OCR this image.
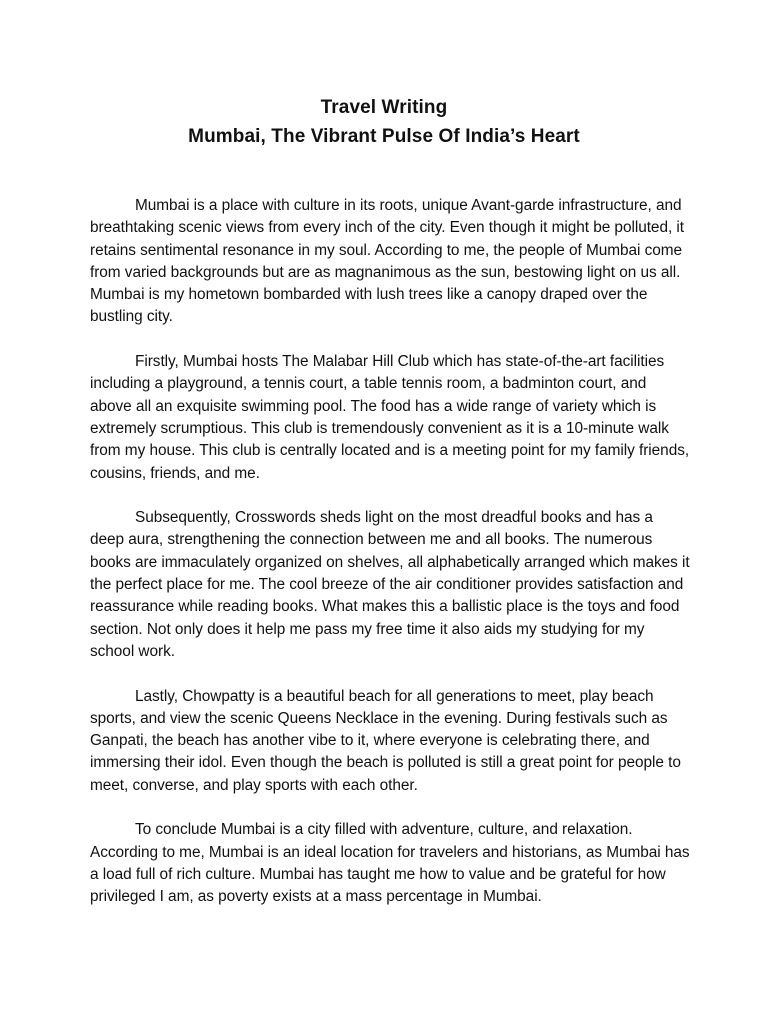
Travel Writing

Mumbai, The Vibrant Pulse Of India’s Heart

Mumbai is a place with culture in its roots, unique Avant-garde infrastructure, and breathtaking scenic views from every inch of the city. Even though it might be polluted, it retains sentimental resonance in my soul. According to me, the people of Mumbai come from varied backgrounds but are as magnanimous as the sun, bestowing light on us all. Mumbai is my hometown bombarded with lush trees like a canopy draped over the bustling city.

Firstly, Mumbai hosts The Malabar Hill Club which has state-of-the-art facilities including a playground, a tennis court, a table tennis room, a badminton court, and above all an exquisite swimming pool. The food has a wide range of variety which is extremely scrumptious. This club is tremendously convenient as it is a 10-minute walk from my house. This club is centrally located and is a meeting point for my family friends, cousins, friends, and me.

Subsequently, Crosswords sheds light on the most dreadful books and has a deep aura, strengthening the connection between me and all books. The numerous books are immaculately organized on shelves, all alphabetically arranged which makes it the perfect place for me. The cool breeze of the air conditioner provides satisfaction and reassurance while reading books. What makes this a ballistic place is the toys and food section. Not only does it help me pass my free time it also aids my studying for my school work.

Lastly, Chowpatty is a beautiful beach for all generations to meet, play beach sports, and view the scenic Queens Necklace in the evening. During festivals such as Ganpati, the beach has another vibe to it, where everyone is celebrating there, and immersing their idol. Even though the beach is polluted is still a great point for people to meet, converse, and play sports with each other.

To conclude Mumbai is a city filled with adventure, culture, and relaxation. According to me, Mumbai is an ideal location for travelers and historians, as Mumbai has a load full of rich culture. Mumbai has taught me how to value and be grateful for how privileged I am, as poverty exists at a mass percentage in Mumbai.
